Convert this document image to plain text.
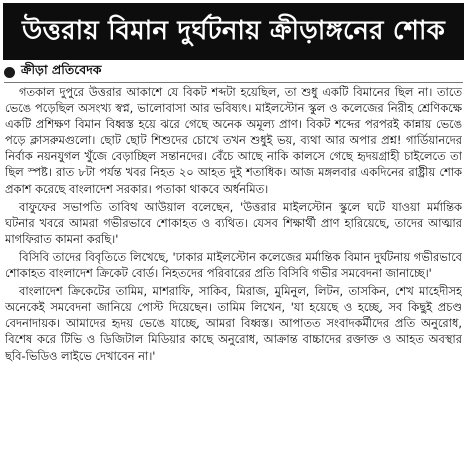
উত্তরায় বিমান দুর্ঘটনায় ক্রীড়াঙ্গনের শোক
ক্রীড়া প্রতিবেদক

গতকাল দুপুরে উত্তরার আকাশে যে বিকট শব্দটা হয়েছিল, তা শুধু একটি বিমানের ছিল না। তাতে ভেঙে পড়েছিল অসংখ্য স্বপ্ন, ভালোবাসা আর ভবিষ্যৎ। মাইলস্টোন স্কুল ও কলেজের নিরীহ শ্রেণিকক্ষে একটি প্রশিক্ষণ বিমান বিধ্বস্ত হয়ে ঝরে গেছে অনেক অমূল্য প্রাণ। বিকট শব্দের পরপরই কান্নায় ভেঙে পড়ে ক্লাসরুমগুলো। ছোট ছোট শিশুদের চোখে তখন শুধুই ভয়, ব্যথা আর অপার প্রশ্ন! গার্ডিয়ানদের নির্বাক নয়নযুগল খুঁজে বেড়াচ্ছিল সন্তানদের। বেঁচে আছে নাকি কালসে গেছে হৃদয়গ্রাহী চাইলেতে তা ছিল স্পষ্ট। রাত ৮টা পর্যন্ত খবর নিহত ২০ আহত দুই শতাধিক। আজ মঙ্গলবার একদিনের রাষ্ট্রীয় শোক প্রকাশ করেছে বাংলাদেশ সরকার। পতাকা থাকবে অর্ধনমিত।

বাফুফের সভাপতি তাবিথ আউয়াল বলেছেন, 'উত্তরার মাইলস্টোন স্কুলে ঘটে যাওয়া মর্মান্তিক ঘটনার খবরে আমরা গভীরভাবে শোকাহত ও ব্যথিত। যেসব শিক্ষার্থী প্রাণ হারিয়েছে, তাদের আত্মার মাগফিরাত কামনা করছি।'

বিসিবি তাদের বিবৃতিতে লিখেছে, 'ঢাকার মাইলস্টোন কলেজের মর্মান্তিক বিমান দুর্ঘটনায় গভীরভাবে শোকাহত বাংলাদেশ ক্রিকেট বোর্ড। নিহতদের পরিবারের প্রতি বিসিবি গভীর সমবেদনা জানাচ্ছে।'

বাংলাদেশ ক্রিকেটের তামিম, মাশরাফি, সাকিব, মিরাজ, মুমিনুল, লিটন, তাসকিন, শেখ মাহেদীসহ অনেকেই সমবেদনা জানিয়ে পোস্ট দিয়েছেন। তামিম লিখেন, 'যা হয়েছে ও হচ্ছে, সব কিছুই প্রচণ্ড বেদনাদায়ক। আমাদের হৃদয় ভেঙে যাচ্ছে, আমরা বিধ্বস্ত। আপাতত সংবাদকর্মীদের প্রতি অনুরোধ, বিশেষ করে টিভি ও ডিজিটাল মিডিয়ার কাছে অনুরোধ, আক্রান্ত বাচ্চাদের রক্তাক্ত ও আহত অবস্থার ছবি-ভিডিও লাইভে দেখাবেন না।'
